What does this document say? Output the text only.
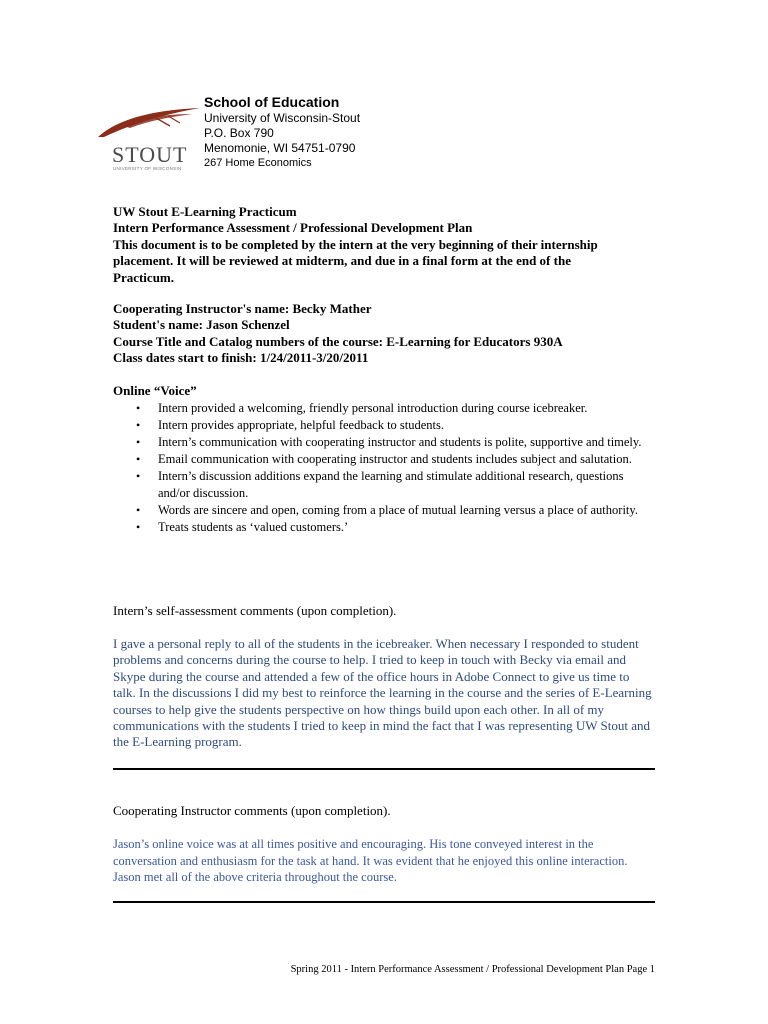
STOUT
UNIVERSITY OF WISCONSIN
School of Education
University of Wisconsin-Stout
P.O. Box 790
Menomonie, WI 54751-0790
267 Home Economics
UW Stout E-Learning Practicum
Intern Performance Assessment / Professional Development Plan
This document is to be completed by the intern at the very beginning of their internship
placement. It will be reviewed at midterm, and due in a final form at the end of the
Practicum.
Cooperating Instructor's name: Becky Mather
Student's name: Jason Schenzel
Course Title and Catalog numbers of the course: E-Learning for Educators 930A
Class dates start to finish: 1/24/2011-3/20/2011
Online “Voice”
• Intern provided a welcoming, friendly personal introduction during course icebreaker.
• Intern provides appropriate, helpful feedback to students.
• Intern’s communication with cooperating instructor and students is polite, supportive and timely.
• Email communication with cooperating instructor and students includes subject and salutation.
• Intern’s discussion additions expand the learning and stimulate additional research, questions and/or discussion.
• Words are sincere and open, coming from a place of mutual learning versus a place of authority.
• Treats students as ‘valued customers.’
Intern’s self-assessment comments (upon completion).
I gave a personal reply to all of the students in the icebreaker. When necessary I responded to student problems and concerns during the course to help. I tried to keep in touch with Becky via email and Skype during the course and attended a few of the office hours in Adobe Connect to give us time to talk. In the discussions I did my best to reinforce the learning in the course and the series of E-Learning courses to help give the students perspective on how things build upon each other. In all of my communications with the students I tried to keep in mind the fact that I was representing UW Stout and the E-Learning program.
Cooperating Instructor comments (upon completion).
Jason’s online voice was at all times positive and encouraging. His tone conveyed interest in the conversation and enthusiasm for the task at hand. It was evident that he enjoyed this online interaction. Jason met all of the above criteria throughout the course.
Spring 2011 - Intern Performance Assessment / Professional Development Plan Page 1
